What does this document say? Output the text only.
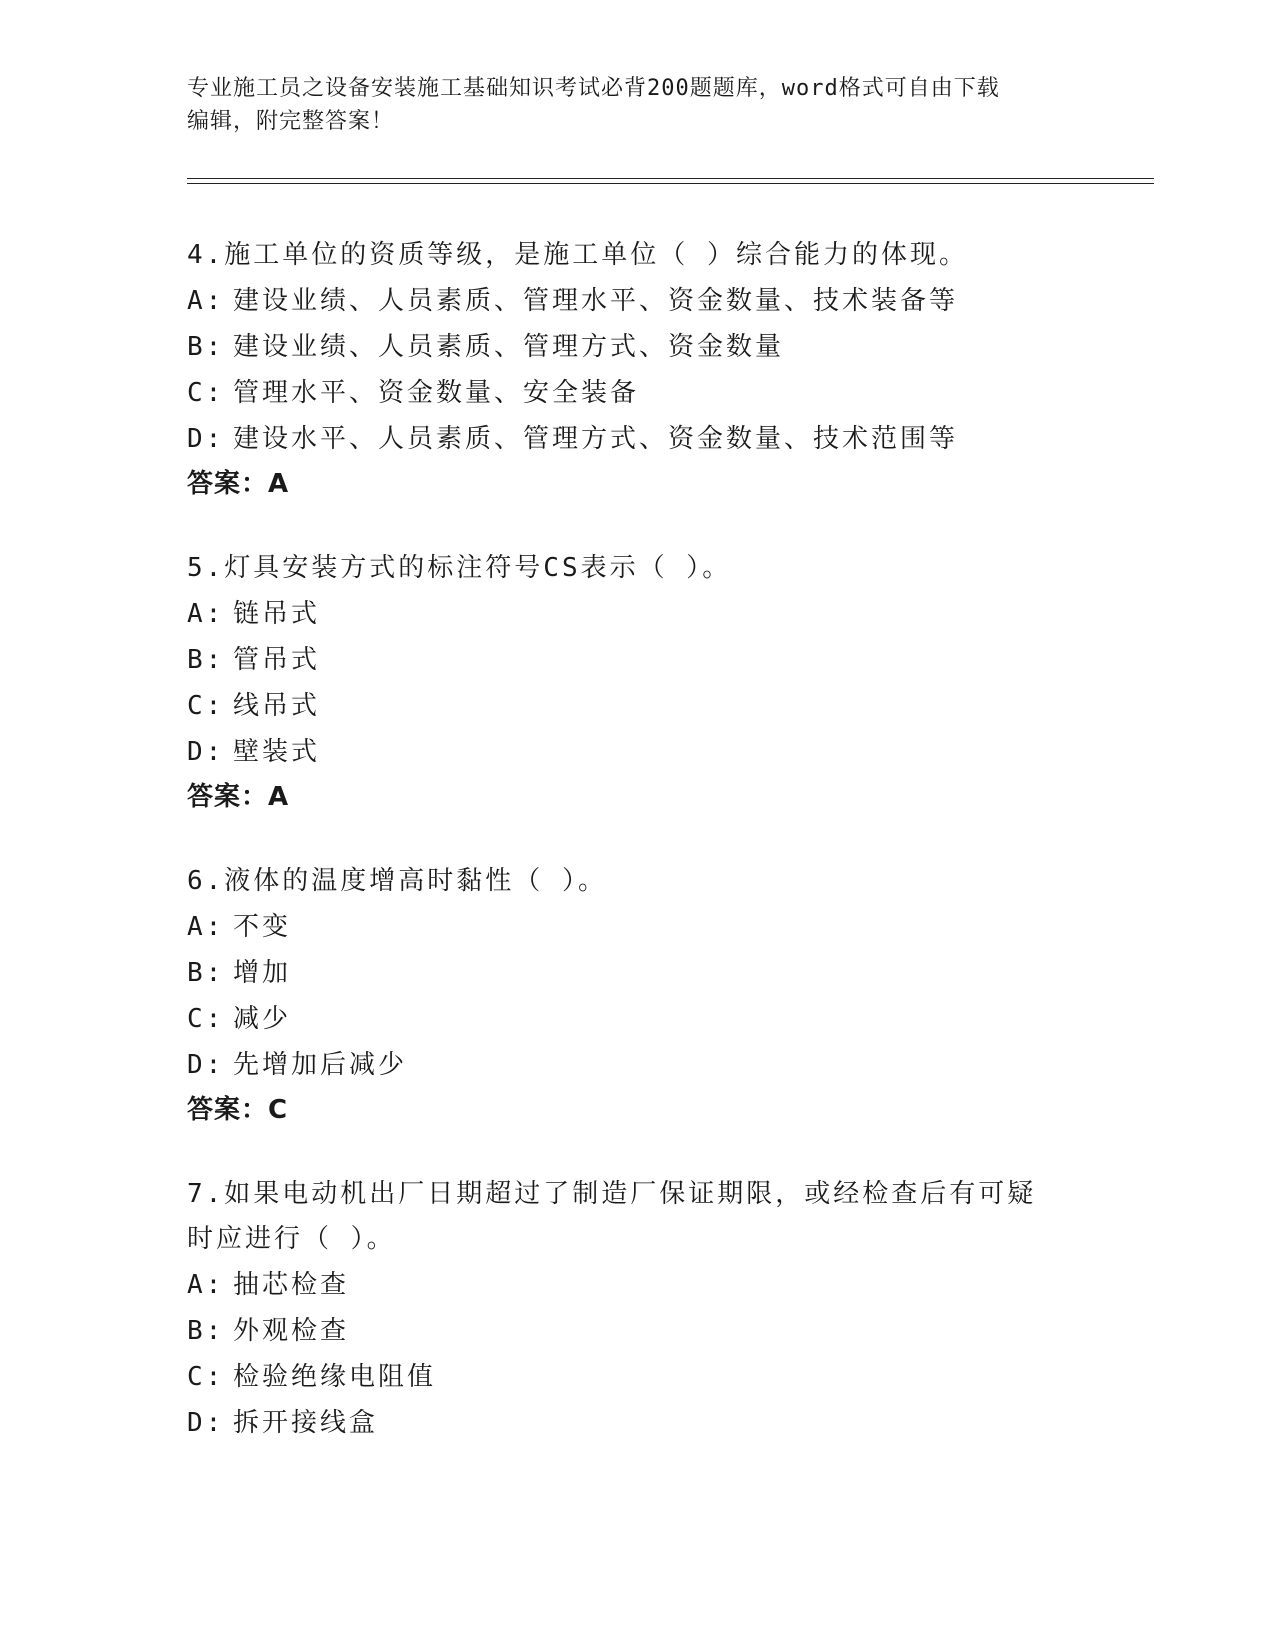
专业施工员之设备安装施工基础知识考试必背200题题库，word格式可自由下载
编辑，附完整答案！
4.施工单位的资质等级，是施工单位（ ）综合能力的体现。
A: 建设业绩、人员素质、管理水平、资金数量、技术装备等
B: 建设业绩、人员素质、管理方式、资金数量
C: 管理水平、资金数量、安全装备
D: 建设水平、人员素质、管理方式、资金数量、技术范围等
答案：A
5.灯具安装方式的标注符号CS表示（ ）。
A: 链吊式
B: 管吊式
C: 线吊式
D: 壁装式
答案：A
6.液体的温度增高时黏性（ ）。
A: 不变
B: 增加
C: 减少
D: 先增加后减少
答案：C
7.如果电动机出厂日期超过了制造厂保证期限，或经检查后有可疑时应进行（ ）。
A: 抽芯检查
B: 外观检查
C: 检验绝缘电阻值
D: 拆开接线盒
